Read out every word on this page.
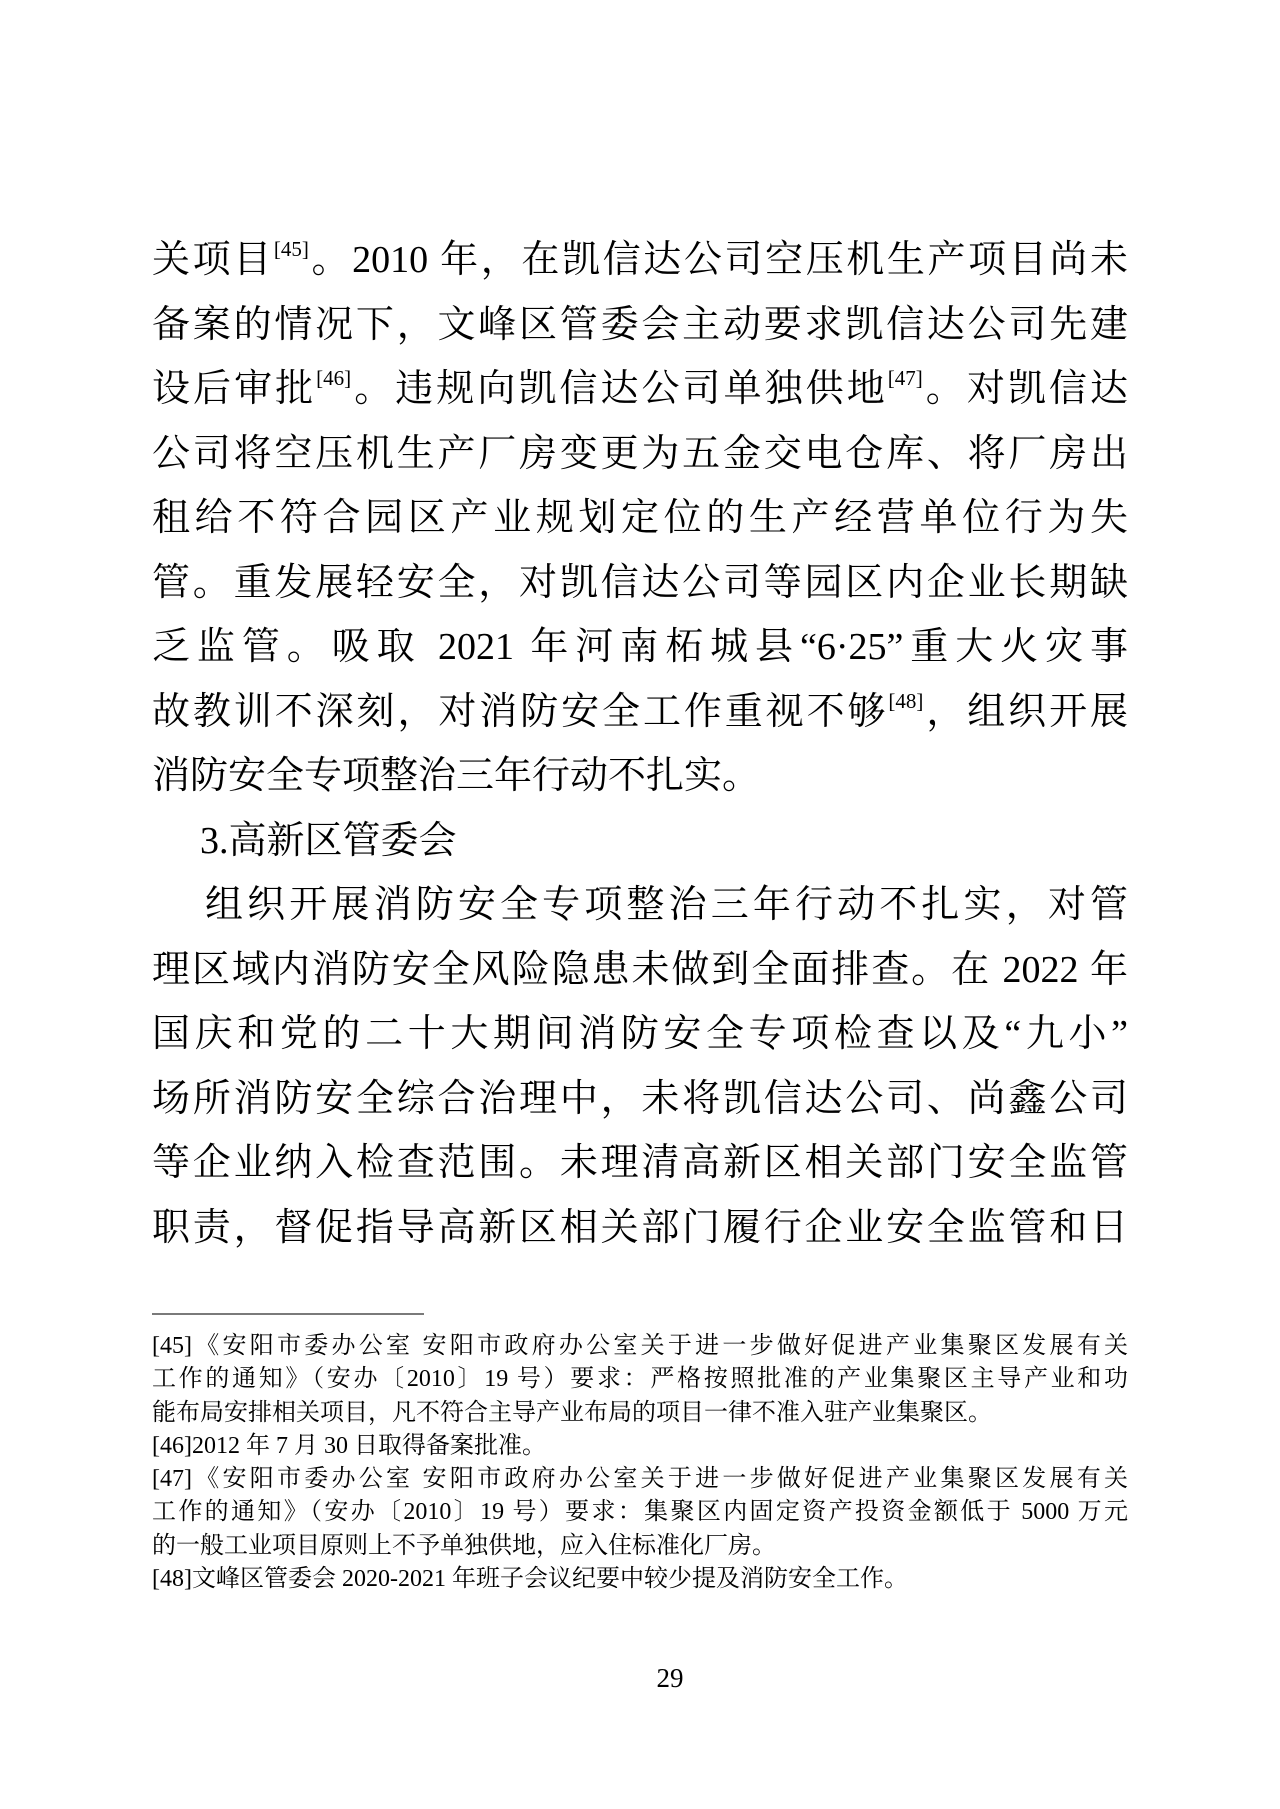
关项目[45]。2010 年，在凯信达公司空压机生产项目尚未
备案的情况下，文峰区管委会主动要求凯信达公司先建
设后审批[46]。违规向凯信达公司单独供地[47]。对凯信达
公司将空压机生产厂房变更为五金交电仓库、将厂房出
租给不符合园区产业规划定位的生产经营单位行为失
管。重发展轻安全，对凯信达公司等园区内企业长期缺
乏监管。吸取 2021 年河南柘城县“6·25”重大火灾事
故教训不深刻，对消防安全工作重视不够[48]，组织开展
消防安全专项整治三年行动不扎实。
3.高新区管委会
组织开展消防安全专项整治三年行动不扎实，对管
理区域内消防安全风险隐患未做到全面排查。在 2022 年
国庆和党的二十大期间消防安全专项检查以及“九小”
场所消防安全综合治理中，未将凯信达公司、尚鑫公司
等企业纳入检查范围。未理清高新区相关部门安全监管
职责，督促指导高新区相关部门履行企业安全监管和日
[45]《安阳市委办公室 安阳市政府办公室关于进一步做好促进产业集聚区发展有关
工作的通知》（安办〔2010〕19 号）要求：严格按照批准的产业集聚区主导产业和功
能布局安排相关项目，凡不符合主导产业布局的项目一律不准入驻产业集聚区。
[46]2012 年 7 月 30 日取得备案批准。
[47]《安阳市委办公室 安阳市政府办公室关于进一步做好促进产业集聚区发展有关
工作的通知》（安办〔2010〕19 号）要求：集聚区内固定资产投资金额低于 5000 万元
的一般工业项目原则上不予单独供地，应入住标准化厂房。
[48]文峰区管委会 2020-2021 年班子会议纪要中较少提及消防安全工作。
29
